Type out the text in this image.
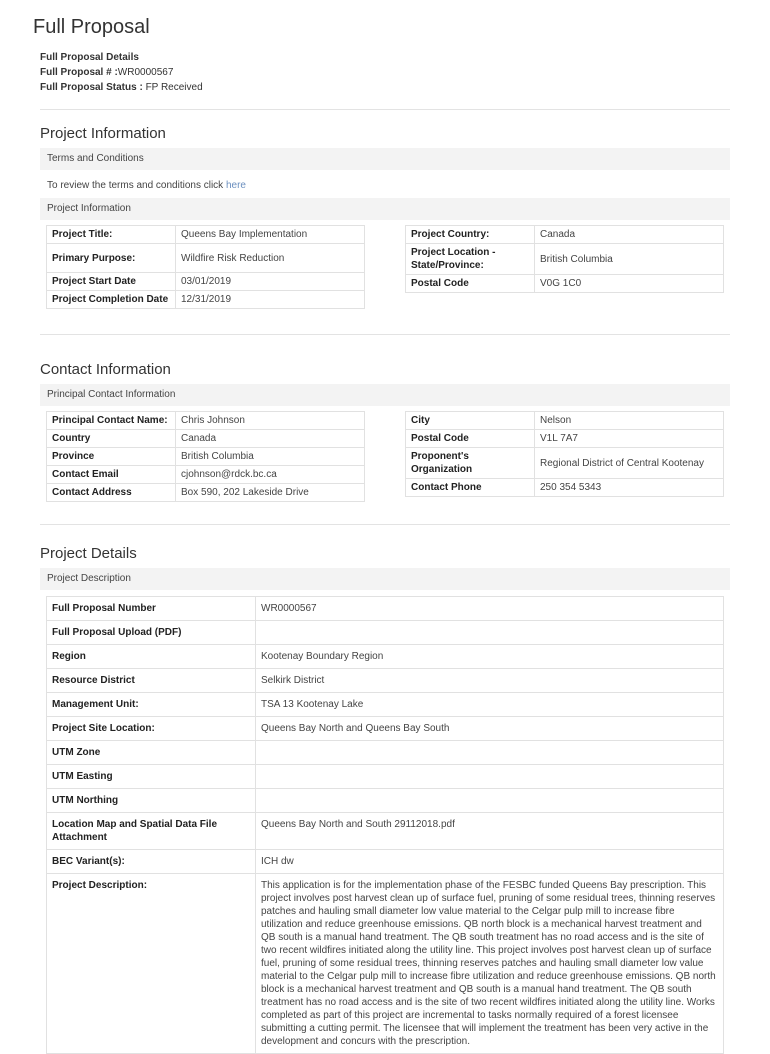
Full Proposal
Full Proposal Details
Full Proposal # :WR0000567
Full Proposal Status : FP Received
Project Information
Terms and Conditions
To review the terms and conditions click here
Project Information
Project Title:	Queens Bay Implementation
Primary Purpose:	Wildfire Risk Reduction
Project Start Date	03/01/2019
Project Completion Date	12/31/2019
Project Country:	Canada
Project Location - State/Province:	British Columbia
Postal Code	V0G 1C0
Contact Information
Principal Contact Information
Principal Contact Name:	Chris Johnson
Country	Canada
Province	British Columbia
Contact Email	cjohnson@rdck.bc.ca
Contact Address	Box 590, 202 Lakeside Drive
City	Nelson
Postal Code	V1L 7A7
Proponent's Organization	Regional District of Central Kootenay
Contact Phone	250 354 5343
Project Details
Project Description
Full Proposal Number	WR0000567
Full Proposal Upload (PDF)	
Region	Kootenay Boundary Region
Resource District	Selkirk District
Management Unit:	TSA 13 Kootenay Lake
Project Site Location:	Queens Bay North and Queens Bay South
UTM Zone	
UTM Easting	
UTM Northing	
Location Map and Spatial Data File Attachment	Queens Bay North and South 29112018.pdf
BEC Variant(s):	ICH dw
Project Description:	This application is for the implementation phase of the FESBC funded Queens Bay prescription. This project involves post harvest clean up of surface fuel, pruning of some residual trees, thinning reserves patches and hauling small diameter low value material to the Celgar pulp mill to increase fibre utilization and reduce greenhouse emissions. QB north block is a mechanical harvest treatment and QB south is a manual hand treatment. The QB south treatment has no road access and is the site of two recent wildfires initiated along the utility line. This project involves post harvest clean up of surface fuel, pruning of some residual trees, thinning reserves patches and hauling small diameter low value material to the Celgar pulp mill to increase fibre utilization and reduce greenhouse emissions. QB north block is a mechanical harvest treatment and QB south is a manual hand treatment. The QB south treatment has no road access and is the site of two recent wildfires initiated along the utility line. Works completed as part of this project are incremental to tasks normally required of a forest licensee submitting a cutting permit. The licensee that will implement the treatment has been very active in the development and concurs with the prescription.
